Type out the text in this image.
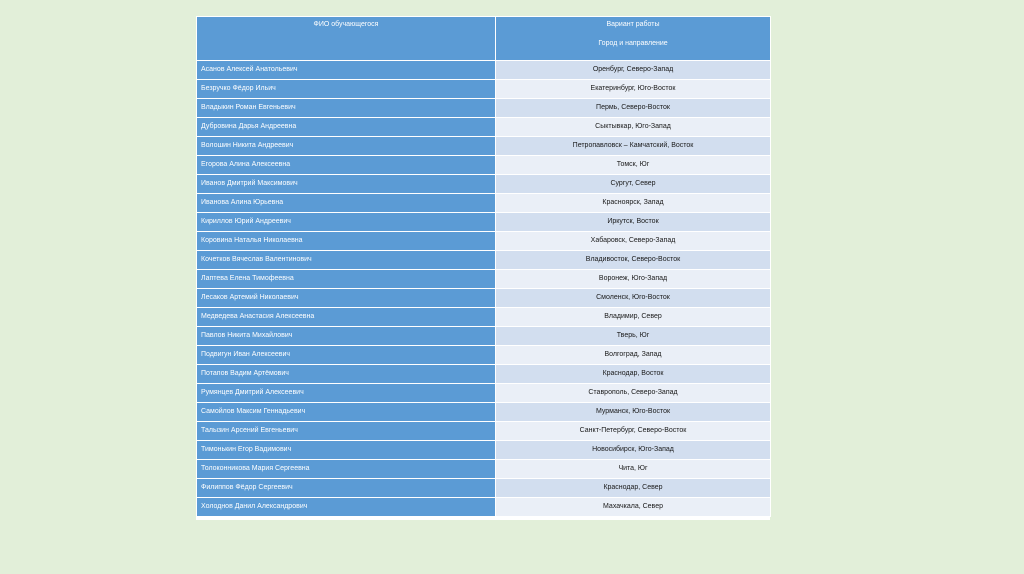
ФИО обучающегося	Вариант работы
Город и направление

Асанов Алексей Анатольевич	Оренбург, Северо-Запад
Безручко Фёдор Ильич	Екатеринбург, Юго-Восток
Владыкин Роман Евгеньевич	Пермь, Северо-Восток
Дубровина Дарья Андреевна	Сыктывкар, Юго-Запад
Волошин Никита Андреевич	Петропавловск – Камчатский, Восток
Егорова Алина Алексеевна	Томск, Юг
Иванов Дмитрий Максимович	Сургут, Север
Иванова Алина Юрьевна	Красноярск, Запад
Кириллов Юрий Андреевич	Иркутск, Восток
Коровина Наталья Николаевна	Хабаровск, Северо-Запад
Кочетков Вячеслав Валентинович	Владивосток, Северо-Восток
Лаптева Елена Тимофеевна	Воронеж, Юго-Запад
Лесаков Артемий Николаевич	Смоленск, Юго-Восток
Медведева Анастасия Алексеевна	Владимир, Север
Павлов Никита Михайлович	Тверь, Юг
Подвигун Иван Алексеевич	Волгоград, Запад
Потапов Вадим Артёмович	Краснодар, Восток
Румянцев Дмитрий Алексеевич	Ставрополь, Северо-Запад
Самойлов Максим Геннадьевич	Мурманск, Юго-Восток
Талызин Арсений Евгеньевич	Санкт-Петербург, Северо-Восток
Тимонькин Егор Вадимович	Новосибирск, Юго-Запад
Толоконникова Мария Сергеевна	Чита, Юг
Филиппов Фёдор Сергеевич	Краснодар, Север
Холоднов Данил Александрович	Махачкала, Север
